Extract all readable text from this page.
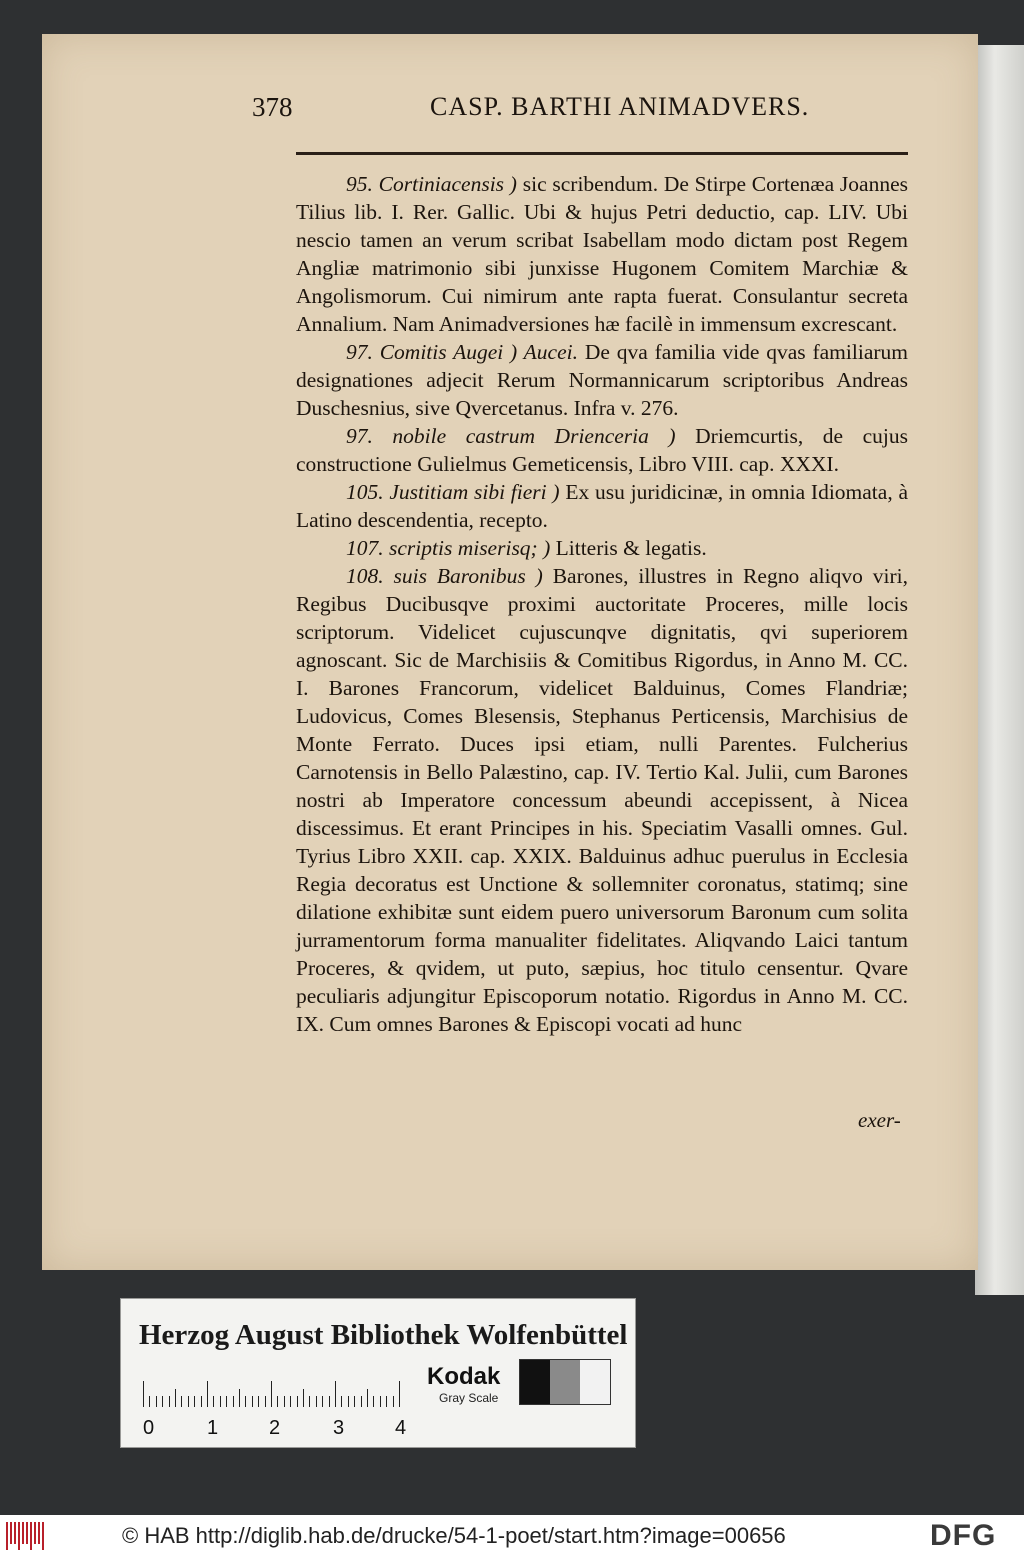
378	CASP. BARTHI ANIMADVERS.

95. Cortiniacensis ) sic scribendum. De Stirpe Cortenæa Joannes Tilius lib. I. Rer. Gallic. Ubi & hujus Petri deductio, cap. LIV. Ubi nescio tamen an verum scribat Isabellam modo dictam post Regem Angliæ matrimonio sibi junxisse Hugonem Comitem Marchiæ & Angolismorum. Cui nimirum ante rapta fuerat. Consulantur secreta Annalium. Nam Animadversiones hæ facilè in immensum excrescant.

97. Comitis Augei ) Aucei. De qva familia vide qvas familiarum designationes adjecit Rerum Normannicarum scriptoribus Andreas Duschesnius, sive Qvercetanus. Infra v. 276.

97. nobile castrum Drienceria ) Driemcurtis, de cujus constructione Gulielmus Gemeticensis, Libro VIII. cap. XXXI.

105. Justitiam sibi fieri ) Ex usu juridicinæ, in omnia Idiomata, à Latino descendentia, recepto.

107. scriptis miserisq; ) Litteris & legatis.

108. suis Baronibus ) Barones, illustres in Regno aliqvo viri, Regibus Ducibusqve proximi auctoritate Proceres, mille locis scriptorum. Videlicet cujuscunqve dignitatis, qvi superiorem agnoscant. Sic de Marchisiis & Comitibus Rigordus, in Anno M. CC. I. Barones Francorum, videlicet Balduinus, Comes Flandriæ; Ludovicus, Comes Blesensis, Stephanus Perticensis, Marchisius de Monte Ferrato. Duces ipsi etiam, nulli Parentes. Fulcherius Carnotensis in Bello Palæstino, cap. IV. Tertio Kal. Julii, cum Barones nostri ab Imperatore concessum abeundi accepissent, à Nicea discessimus. Et erant Principes in his. Speciatim Vasalli omnes. Gul. Tyrius Libro XXII. cap. XXIX. Balduinus adhuc puerulus in Ecclesia Regia decoratus est Unctione & sollemniter coronatus, statimq; sine dilatione exhibitæ sunt eidem puero universorum Baronum cum solita jurramentorum forma manualiter fidelitates. Aliqvando Laici tantum Proceres, & qvidem, ut puto, sæpius, hoc titulo censentur. Qvare peculiaris adjungitur Episcoporum notatio. Rigordus in Anno M. CC. IX. Cum omnes Barones & Episcopi vocati ad hunc

exer-
Herzog August Bibliothek Wolfenbüttel
0	1	2	3	4
Kodak
Gray Scale
© HAB http://diglib.hab.de/drucke/54-1-poet/start.htm?image=00656	DFG
